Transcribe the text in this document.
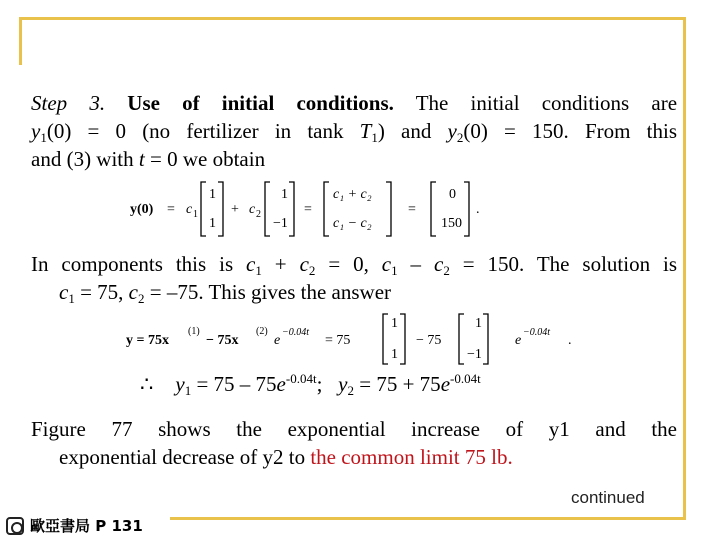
Step 3. Use of initial conditions. The initial conditions are
$y_1(0) = 0$ (no fertilizer in tank $T_1$) and $y_2(0) = 150$. From this
and (3) with t = 0 we obtain
y(0) = c 1
1
1
+ c 2
1
−1
=
c₁ + c₂
c₁ − c₂
=
0
150
.
In components this is $c_1 + c_2 = 0$, $c_1 - c_2 = 150$. The solution is
$c_1 = 75$, $c_2 = -75$. This gives the answer
y = 75x
(1)
− 75x
(2)
e
−0.04t
= 75
1
1
− 75
1
−1
e
−0.04t
.
∴ $y_1 = 75 - 75e^{-0.04t}$;   $y_2 = 75 + 75e^{-0.04t}$
Figure 77 shows the exponential increase of y1 and the
exponential decrease of y2 to the common limit 75 lb.
continued
歐亞書局 P 131
